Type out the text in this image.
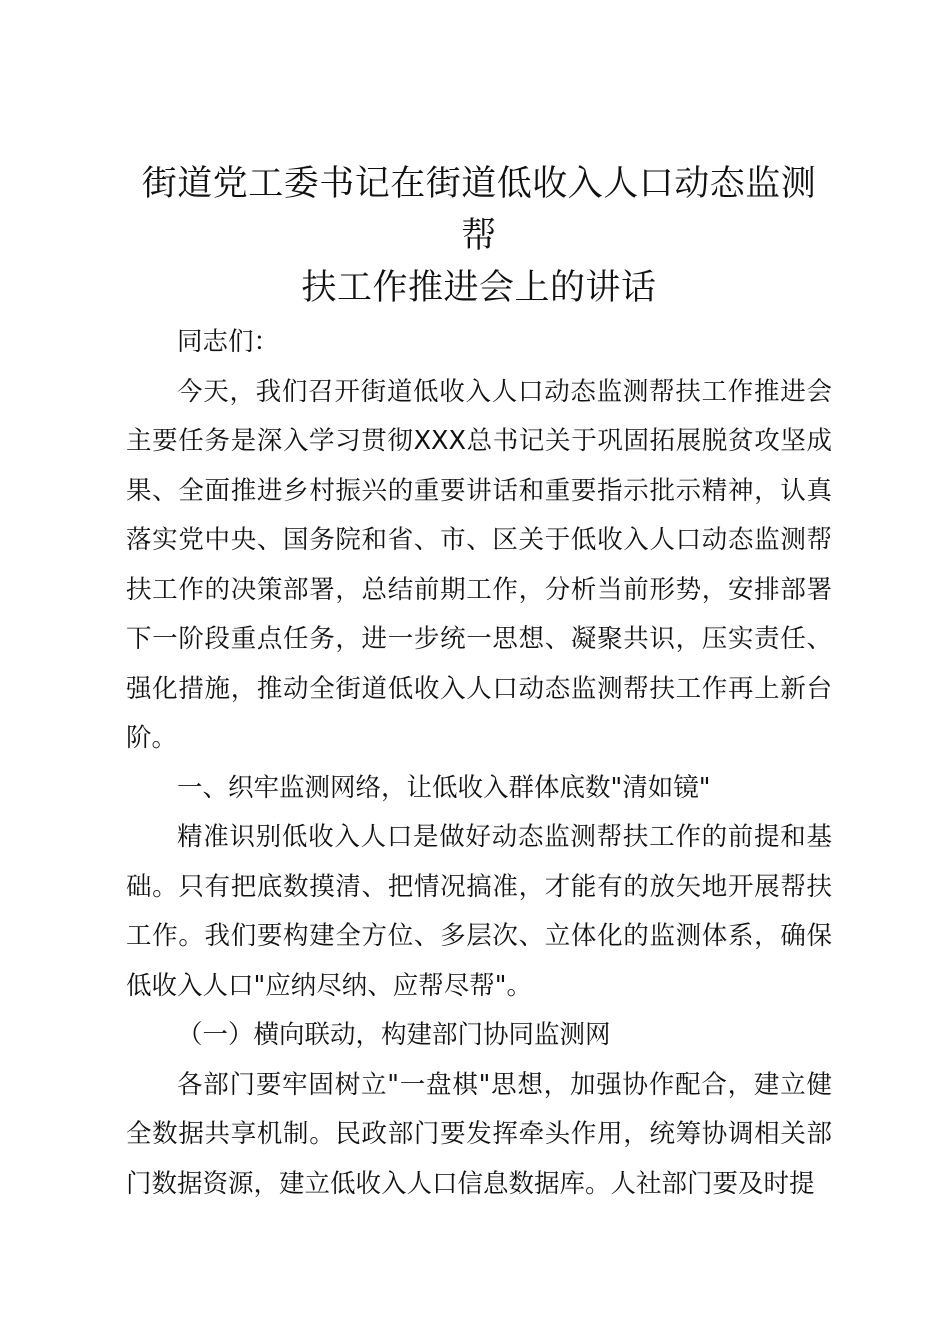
街道党工委书记在街道低收入人口动态监测帮
扶工作推进会上的讲话

同志们：

今天，我们召开街道低收入人口动态监测帮扶工作推进会主要任务是深入学习贯彻XXX总书记关于巩固拓展脱贫攻坚成果、全面推进乡村振兴的重要讲话和重要指示批示精神，认真落实党中央、国务院和省、市、区关于低收入人口动态监测帮扶工作的决策部署，总结前期工作，分析当前形势，安排部署下一阶段重点任务，进一步统一思想、凝聚共识，压实责任、强化措施，推动全街道低收入人口动态监测帮扶工作再上新台阶。

一、织牢监测网络，让低收入群体底数"清如镜"

精准识别低收入人口是做好动态监测帮扶工作的前提和基础。只有把底数摸清、把情况搞准，才能有的放矢地开展帮扶工作。我们要构建全方位、多层次、立体化的监测体系，确保低收入人口"应纳尽纳、应帮尽帮"。

（一）横向联动，构建部门协同监测网

各部门要牢固树立"一盘棋"思想，加强协作配合，建立健全数据共享机制。民政部门要发挥牵头作用，统筹协调相关部门数据资源，建立低收入人口信息数据库。人社部门要及时提
